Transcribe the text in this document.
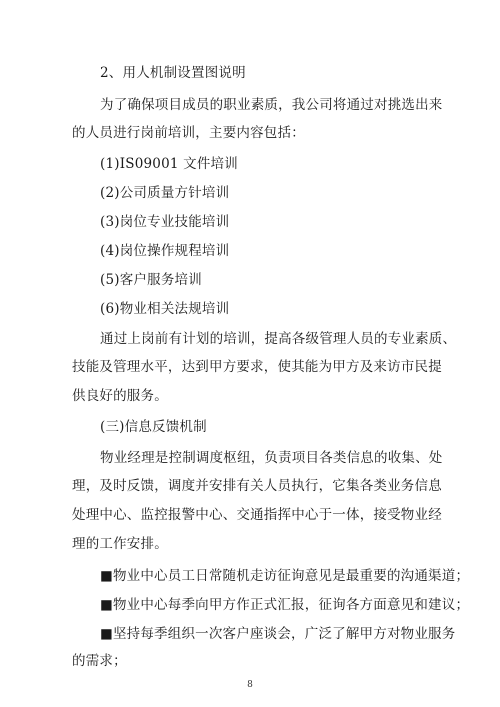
2、用人机制设置图说明
为了确保项目成员的职业素质，我公司将通过对挑选出来
的人员进行岗前培训，主要内容包括：
(1)IS09001 文件培训
(2)公司质量方针培训
(3)岗位专业技能培训
(4)岗位操作规程培训
(5)客户服务培训
(6)物业相关法规培训
通过上岗前有计划的培训，提高各级管理人员的专业素质、
技能及管理水平，达到甲方要求，使其能为甲方及来访市民提
供良好的服务。
(三)信息反馈机制
物业经理是控制调度枢纽，负责项目各类信息的收集、处
理，及时反馈，调度并安排有关人员执行，它集各类业务信息
处理中心、监控报警中心、交通指挥中心于一体，接受物业经
理的工作安排。
■物业中心员工日常随机走访征询意见是最重要的沟通渠道；
■物业中心每季向甲方作正式汇报，征询各方面意见和建议；
■坚持每季组织一次客户座谈会，广泛了解甲方对物业服务
的需求；
8
